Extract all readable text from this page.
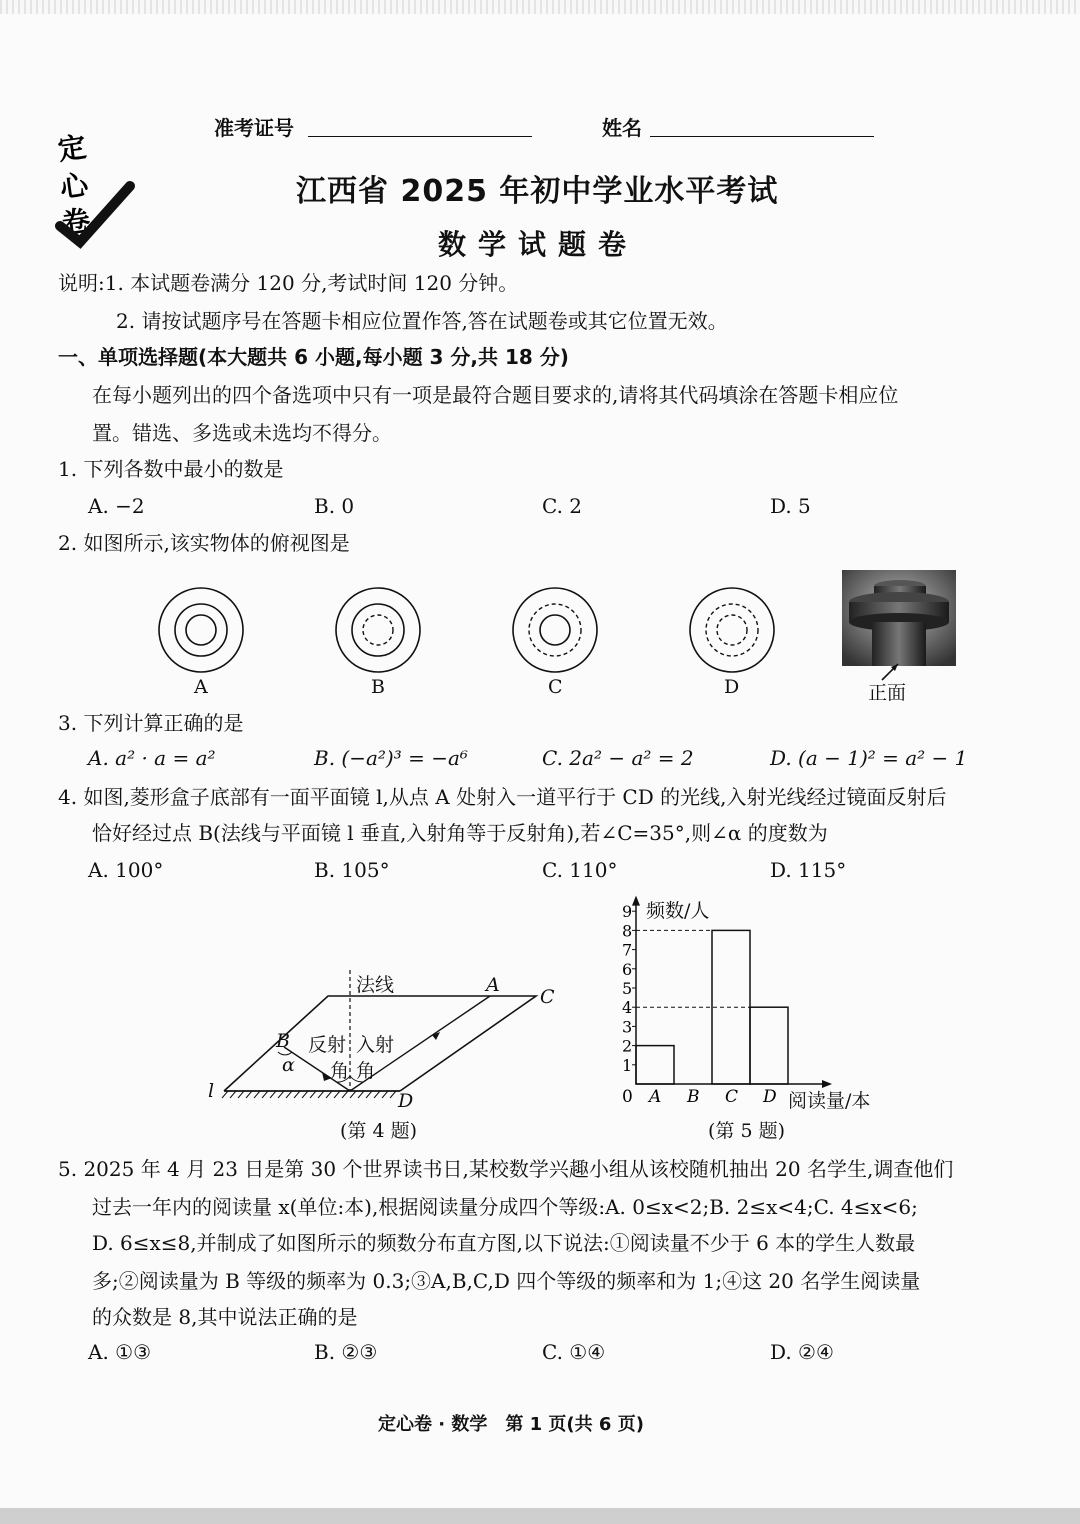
定
心
卷
准考证号	姓名
江西省 2025 年初中学业水平考试
数学试题卷
说明:1. 本试题卷满分 120 分,考试时间 120 分钟。
2. 请按试题序号在答题卡相应位置作答,答在试题卷或其它位置无效。
一、单项选择题(本大题共 6 小题,每小题 3 分,共 18 分)
在每小题列出的四个备选项中只有一项是最符合题目要求的,请将其代码填涂在答题卡相应位
置。错选、多选或未选均不得分。
1. 下列各数中最小的数是
A. −2	B. 0	C. 2	D. 5
2. 如图所示,该实物体的俯视图是
A	B	C	D	正面
3. 下列计算正确的是
A. a² · a = a²	B. (−a²)³ = −a⁶	C. 2a² − a² = 2	D. (a − 1)² = a² − 1
4. 如图,菱形盒子底部有一面平面镜 l,从点 A 处射入一道平行于 CD 的光线,入射光线经过镜面反射后
恰好经过点 B(法线与平面镜 l 垂直,入射角等于反射角),若∠C=35°,则∠α 的度数为
A. 100°	B. 105°	C. 110°	D. 115°
法线	A
C
B
α
反射 入射
角 角
l	D
(第 4 题)
0
1
2
3
4
5
6
7
8
9
A B C D
频数/人
阅读量/本
(第 5 题)
5. 2025 年 4 月 23 日是第 30 个世界读书日,某校数学兴趣小组从该校随机抽出 20 名学生,调查他们
过去一年内的阅读量 x(单位:本),根据阅读量分成四个等级:A. 0≤x<2;B. 2≤x<4;C. 4≤x<6;
D. 6≤x≤8,并制成了如图所示的频数分布直方图,以下说法:①阅读量不少于 6 本的学生人数最
多;②阅读量为 B 等级的频率为 0.3;③A,B,C,D 四个等级的频率和为 1;④这 20 名学生阅读量
的众数是 8,其中说法正确的是
A. ①③	B. ②③	C. ①④	D. ②④
定心卷 · 数学　第 1 页(共 6 页)
